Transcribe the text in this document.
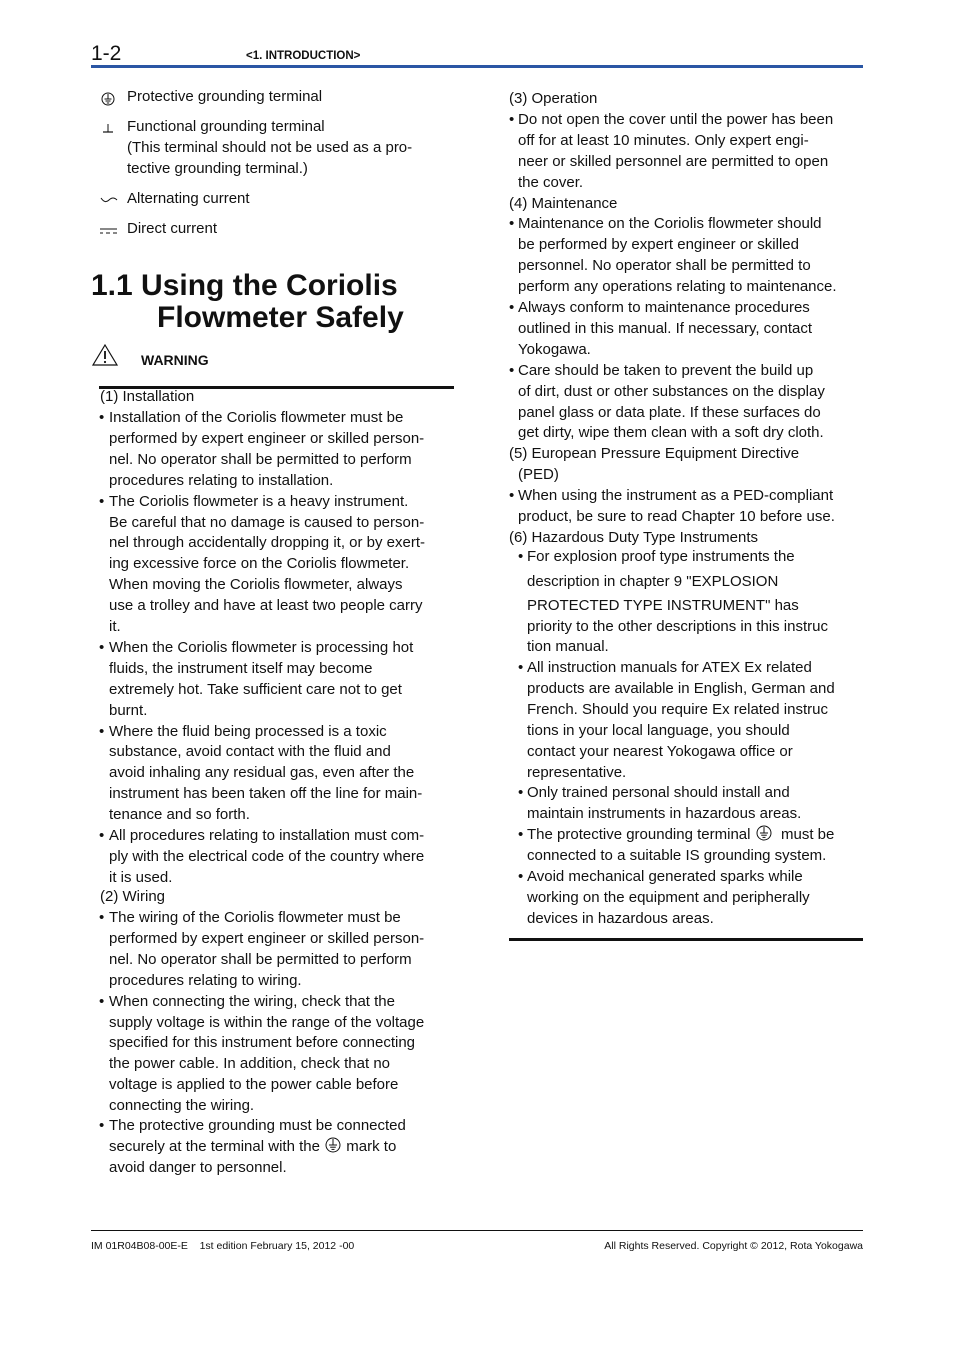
1-2	<1. INTRODUCTION>
Protective grounding terminal
Functional grounding terminal
(This terminal should not be used as a pro-
tective grounding terminal.)
Alternating current
Direct current
1.1 Using the Coriolis
Flowmeter Safely
WARNING
(1) Installation
• Installation of the Coriolis flowmeter must be
performed by expert engineer or skilled person-
nel. No operator shall be permitted to perform
procedures relating to installation.
• The Coriolis flowmeter is a heavy instrument.
Be careful that no damage is caused to person-
nel through accidentally dropping it, or by exert-
ing excessive force on the Coriolis flowmeter.
When moving the Coriolis flowmeter, always
use a trolley and have at least two people carry
it.
• When the Coriolis flowmeter is processing hot
fluids, the instrument itself may become
extremely hot. Take sufficient care not to get
burnt.
• Where the fluid being processed is a toxic
substance, avoid contact with the fluid and
avoid inhaling any residual gas, even after the
instrument has been taken off the line for main-
tenance and so forth.
• All procedures relating to installation must com-
ply with the electrical code of the country where
it is used.
(2) Wiring
• The wiring of the Coriolis flowmeter must be
performed by expert engineer or skilled person-
nel. No operator shall be permitted to perform
procedures relating to wiring.
• When connecting the wiring, check that the
supply voltage is within the range of the voltage
specified for this instrument before connecting
the power cable. In addition, check that no
voltage is applied to the power cable before
connecting the wiring.
• The protective grounding must be connected
securely at the terminal with the mark to
avoid danger to personnel.
(3) Operation
• Do not open the cover until the power has been
off for at least 10 minutes. Only expert engi-
neer or skilled personnel are permitted to open
the cover.
(4) Maintenance
• Maintenance on the Coriolis flowmeter should
be performed by expert engineer or skilled
personnel. No operator shall be permitted to
perform any operations relating to maintenance.
• Always conform to maintenance procedures
outlined in this manual. If necessary, contact
Yokogawa.
• Care should be taken to prevent the build up
of dirt, dust or other substances on the display
panel glass or data plate. If these surfaces do
get dirty, wipe them clean with a soft dry cloth.
(5) European Pressure Equipment Directive
(PED)
• When using the instrument as a PED-compliant
product, be sure to read Chapter 10 before use.
(6) Hazardous Duty Type Instruments
• For explosion proof type instruments the
description in chapter 9 "EXPLOSION
PROTECTED TYPE INSTRUMENT" has
priority to the other descriptions in this instruc
tion manual.
• All instruction manuals for ATEX Ex related
products are available in English, German and
French. Should you require Ex related instruc
tions in your local language, you should
contact your nearest Yokogawa office or
representative.
• Only trained personal should install and
maintain instruments in hazardous areas.
• The protective grounding terminal must be
connected to a suitable IS grounding system.
• Avoid mechanical generated sparks while
working on the equipment and peripherally
devices in hazardous areas.
IM 01R04B08-00E-E 1st edition February 15, 2012 -00	All Rights Reserved. Copyright © 2012, Rota Yokogawa
